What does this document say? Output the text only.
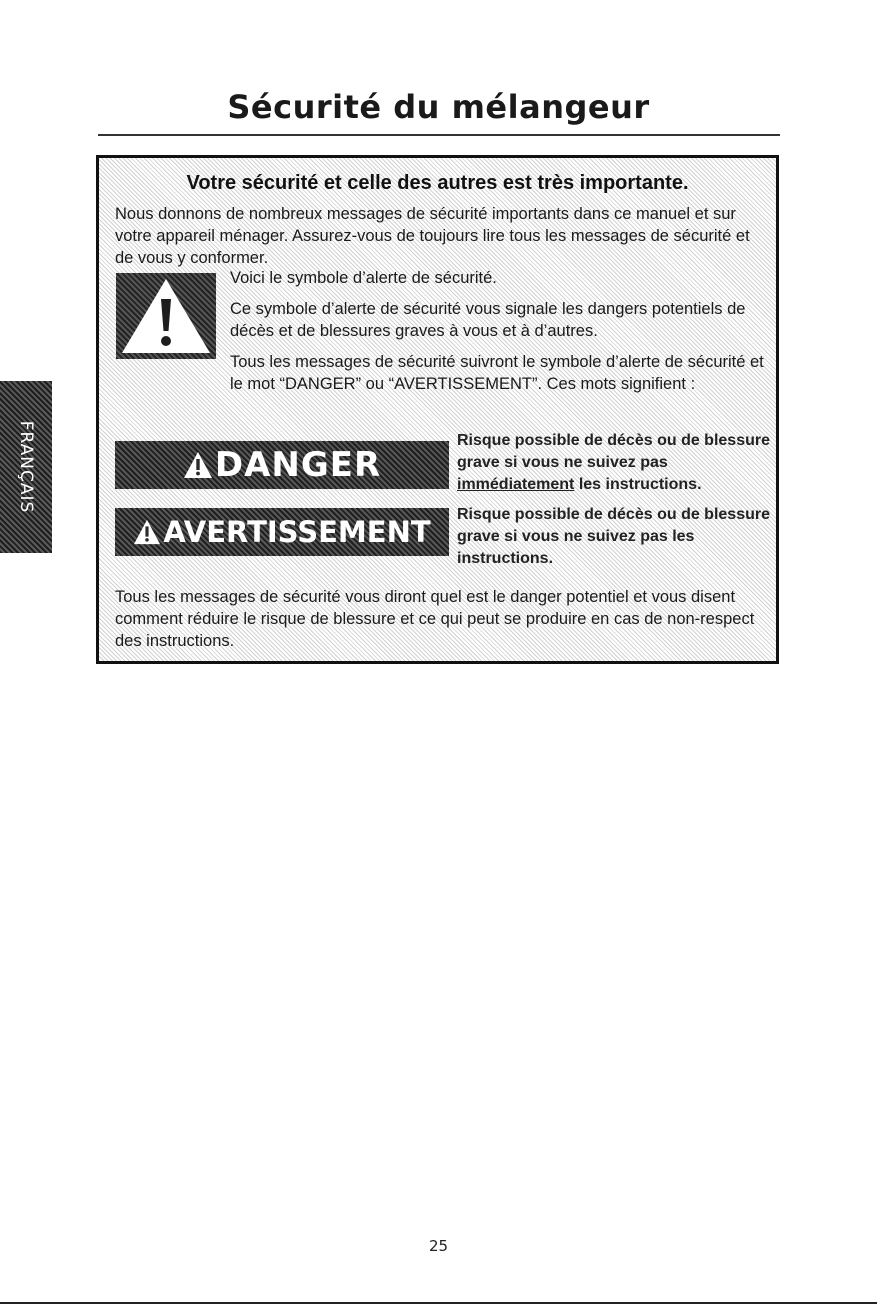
Sécurité du mélangeur
FRANÇAIS
Votre sécurité et celle des autres est très importante.

Nous donnons de nombreux messages de sécurité importants dans ce manuel et sur votre appareil ménager. Assurez-vous de toujours lire tous les messages de sécurité et de vous y conformer.

Voici le symbole d’alerte de sécurité.

Ce symbole d’alerte de sécurité vous signale les dangers potentiels de décès et de blessures graves à vous et à d’autres.

Tous les messages de sécurité suivront le symbole d’alerte de sécurité et le mot “DANGER” ou “AVERTISSEMENT”. Ces mots signifient :

DANGER

Risque possible de décès ou de blessure grave si vous ne suivez pas immédiatement les instructions.

AVERTISSEMENT

Risque possible de décès ou de blessure grave si vous ne suivez pas les instructions.

Tous les messages de sécurité vous diront quel est le danger potentiel et vous disent comment réduire le risque de blessure et ce qui peut se produire en cas de non-respect des instructions.

25
